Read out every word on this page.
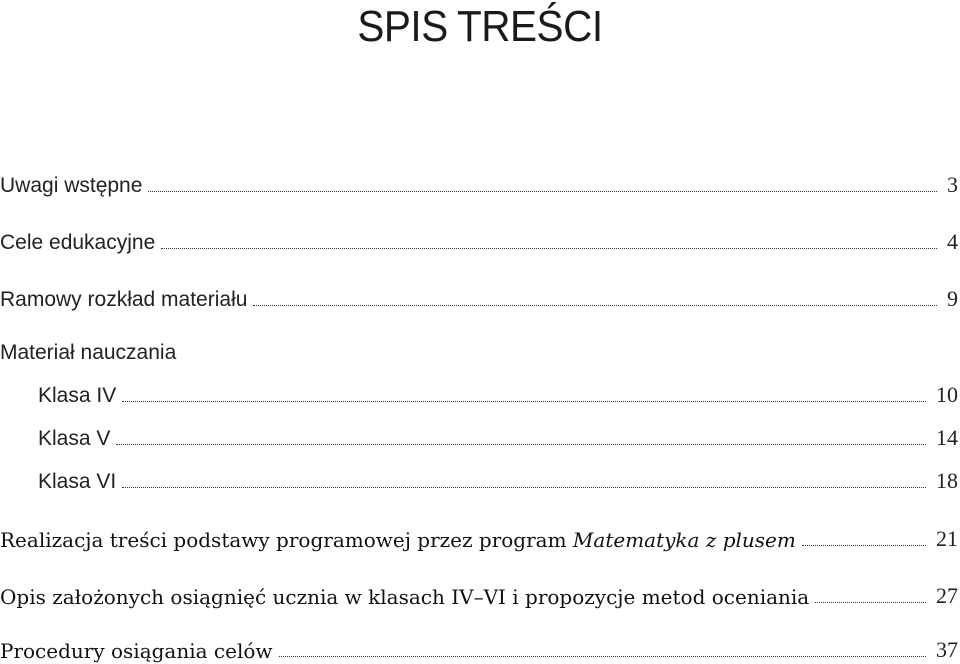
SPIS TREŚCI
Uwagi wstępne	3
Cele edukacyjne	4
Ramowy rozkład materiału	9
Materiał nauczania
Klasa IV	10
Klasa V	14
Klasa VI	18
Realizacja treści podstawy programowej przez program Matematyka z plusem	21
Opis założonych osiągnięć ucznia w klasach IV–VI i propozycje metod oceniania	27
Procedury osiągania celów	37
